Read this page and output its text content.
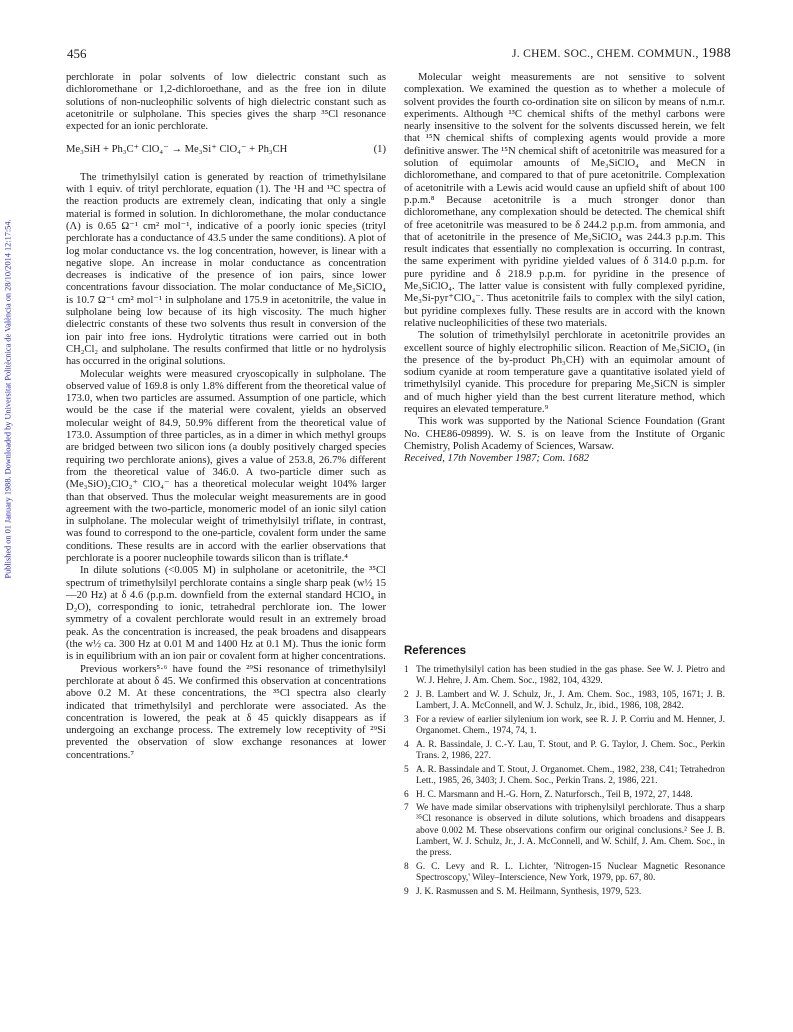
456	J. CHEM. SOC., CHEM. COMMUN., 1988
Published on 01 January 1988. Downloaded by Universitat Politècnica de València on 28/10/2014 12:17:54.

perchlorate in polar solvents of low dielectric constant such as dichloromethane or 1,2-dichloroethane, and as the free ion in dilute solutions of non-nucleophilic solvents of high dielectric constant such as acetonitrile or sulpholane. This species gives the sharp ³⁵Cl resonance expected for an ionic perchlorate.

Me₃SiH + Ph₃C⁺ ClO₄⁻ → Me₃Si⁺ ClO₄⁻ + Ph₃CH	(1)

The trimethylsilyl cation is generated by reaction of trimethylsilane with 1 equiv. of trityl perchlorate, equation (1). The ¹H and ¹³C spectra of the reaction products are extremely clean, indicating that only a single material is formed in solution. In dichloromethane, the molar conductance (Λ) is 0.65 Ω⁻¹ cm² mol⁻¹, indicative of a poorly ionic species (trityl perchlorate has a conductance of 43.5 under the same conditions). A plot of log molar conductance vs. the log concentration, however, is linear with a negative slope. An increase in molar conductance as concentration decreases is indicative of the presence of ion pairs, since lower concentrations favour dissociation. The molar conductance of Me₃SiClO₄ is 10.7 Ω⁻¹ cm² mol⁻¹ in sulpholane and 175.9 in acetonitrile, the value in sulpholane being low because of its high viscosity. The much higher dielectric constants of these two solvents thus result in conversion of the ion pair into free ions. Hydrolytic titrations were carried out in both CH₂Cl₂ and sulpholane. The results confirmed that little or no hydrolysis has occurred in the original solutions.

Molecular weights were measured cryoscopically in sulpholane. The observed value of 169.8 is only 1.8% different from the theoretical value of 173.0, when two particles are assumed. Assumption of one particle, which would be the case if the material were covalent, yields an observed molecular weight of 84.9, 50.9% different from the theoretical value of 173.0. Assumption of three particles, as in a dimer in which methyl groups are bridged between two silicon ions (a doubly positively charged species requiring two perchlorate anions), gives a value of 253.8, 26.7% different from the theoretical value of 346.0. A two-particle dimer such as (Me₃SiO)₂ClO₂⁺ ClO₄⁻ has a theoretical molecular weight 104% larger than that observed. Thus the molecular weight measurements are in good agreement with the two-particle, monomeric model of an ionic silyl cation in sulpholane. The molecular weight of trimethylsilyl triflate, in contrast, was found to correspond to the one-particle, covalent form under the same conditions. These results are in accord with the earlier observations that perchlorate is a poorer nucleophile towards silicon than is triflate.⁴

In dilute solutions (<0.005 M) in sulpholane or acetonitrile, the ³⁵Cl spectrum of trimethylsilyl perchlorate contains a single sharp peak (w½ 15—20 Hz) at δ 4.6 (p.p.m. downfield from the external standard HClO₄ in D₂O), corresponding to ionic, tetrahedral perchlorate ion. The lower symmetry of a covalent perchlorate would result in an extremely broad peak. As the concentration is increased, the peak broadens and disappears (the w½ ca. 300 Hz at 0.01 M and 1400 Hz at 0.1 M). Thus the ionic form is in equilibrium with an ion pair or covalent form at higher concentrations.

Previous workers⁵·⁶ have found the ²⁹Si resonance of trimethylsilyl perchlorate at about δ 45. We confirmed this observation at concentrations above 0.2 M. At these concentrations, the ³⁵Cl spectra also clearly indicated that trimethylsilyl and perchlorate were associated. As the concentration is lowered, the peak at δ 45 quickly disappears as if undergoing an exchange process. The extremely low receptivity of ²⁹Si prevented the observation of slow exchange resonances at lower concentrations.⁷

Molecular weight measurements are not sensitive to solvent complexation. We examined the question as to whether a molecule of solvent provides the fourth co-ordination site on silicon by means of n.m.r. experiments. Although ¹³C chemical shifts of the methyl carbons were nearly insensitive to the solvent for the solvents discussed herein, we felt that ¹⁵N chemical shifts of complexing agents would provide a more definitive answer. The ¹⁵N chemical shift of acetonitrile was measured for a solution of equimolar amounts of Me₃SiClO₄ and MeCN in dichloromethane, and compared to that of pure acetonitrile. Complexation of acetonitrile with a Lewis acid would cause an upfield shift of about 100 p.p.m.⁸ Because acetonitrile is a much stronger donor than dichloromethane, any complexation should be detected. The chemical shift of free acetonitrile was measured to be δ 244.2 p.p.m. from ammonia, and that of acetonitrile in the presence of Me₃SiClO₄ was 244.3 p.p.m. This result indicates that essentially no complexation is occurring. In contrast, the same experiment with pyridine yielded values of δ 314.0 p.p.m. for pure pyridine and δ 218.9 p.p.m. for pyridine in the presence of Me₃SiClO₄. The latter value is consistent with fully complexed pyridine, Me₃Si-pyr⁺ClO₄⁻. Thus acetonitrile fails to complex with the silyl cation, but pyridine complexes fully. These results are in accord with the known relative nucleophilicities of these two materials.

The solution of trimethylsilyl perchlorate in acetonitrile provides an excellent source of highly electrophilic silicon. Reaction of Me₃SiClO₄ (in the presence of the by-product Ph₃CH) with an equimolar amount of sodium cyanide at room temperature gave a quantitative isolated yield of trimethylsilyl cyanide. This procedure for preparing Me₃SiCN is simpler and of much higher yield than the best current literature method, which requires an elevated temperature.⁹

This work was supported by the National Science Foundation (Grant No. CHE86-09899). W. S. is on leave from the Institute of Organic Chemistry, Polish Academy of Sciences, Warsaw.

Received, 17th November 1987; Com. 1682

References
1 The trimethylsilyl cation has been studied in the gas phase. See W. J. Pietro and W. J. Hehre, J. Am. Chem. Soc., 1982, 104, 4329.
2 J. B. Lambert and W. J. Schulz, Jr., J. Am. Chem. Soc., 1983, 105, 1671; J. B. Lambert, J. A. McConnell, and W. J. Schulz, Jr., ibid., 1986, 108, 2842.
3 For a review of earlier silylenium ion work, see R. J. P. Corriu and M. Henner, J. Organomet. Chem., 1974, 74, 1.
4 A. R. Bassindale, J. C.-Y. Lau, T. Stout, and P. G. Taylor, J. Chem. Soc., Perkin Trans. 2, 1986, 227.
5 A. R. Bassindale and T. Stout, J. Organomet. Chem., 1982, 238, C41; Tetrahedron Lett., 1985, 26, 3403; J. Chem. Soc., Perkin Trans. 2, 1986, 221.
6 H. C. Marsmann and H.-G. Horn, Z. Naturforsch., Teil B, 1972, 27, 1448.
7 We have made similar observations with triphenylsilyl perchlorate. Thus a sharp ³⁵Cl resonance is observed in dilute solutions, which broadens and disappears above 0.002 M. These observations confirm our original conclusions.² See J. B. Lambert, W. J. Schulz, Jr., J. A. McConnell, and W. Schilf, J. Am. Chem. Soc., in the press.
8 G. C. Levy and R. L. Lichter, 'Nitrogen-15 Nuclear Magnetic Resonance Spectroscopy,' Wiley–Interscience, New York, 1979, pp. 67, 80.
9 J. K. Rasmussen and S. M. Heilmann, Synthesis, 1979, 523.
